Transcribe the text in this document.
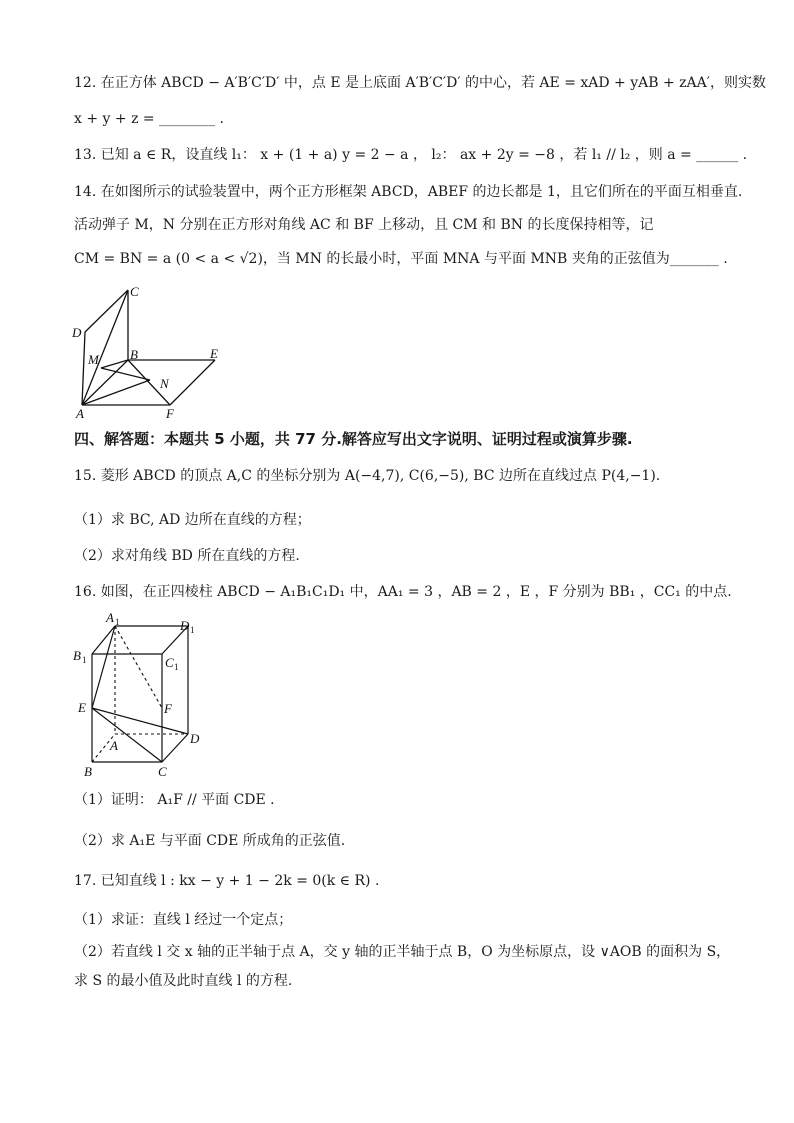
12. 在正方体 ABCD − A′B′C′D′ 中，点 E 是上底面 A′B′C′D′ 的中心，若 AE = xAD + yAB + zAA′，则实数
x + y + z = ________ .
13. 已知 a ∈ R，设直线 l₁： x + (1 + a) y = 2 − a ， l₂： ax + 2y = −8 ，若 l₁ // l₂ ，则 a = ______ .
14. 在如图所示的试验装置中，两个正方形框架 ABCD，ABEF 的边长都是 1，且它们所在的平面互相垂直.
活动弹子 M，N 分别在正方形对角线 AC 和 BF 上移动，且 CM 和 BN 的长度保持相等，记
CM = BN = a (0 < a < √2)，当 MN 的长最小时，平面 MNA 与平面 MNB 夹角的正弦值为_______ .
C
D
M B	E
N
A	F
四、解答题：本题共 5 小题，共 77 分.解答应写出文字说明、证明过程或演算步骤.
15. 菱形 ABCD 的顶点 A,C 的坐标分别为 A(−4,7), C(6,−5), BC 边所在直线过点 P(4,−1).
（1）求 BC, AD 边所在直线的方程；
（2）求对角线 BD 所在直线的方程.
16. 如图，在正四棱柱 ABCD − A₁B₁C₁D₁ 中，AA₁ = 3 ，AB = 2 ，E ，F 分别为 BB₁ ，CC₁ 的中点.
A 1	D 1
B 1	C 1
E	F
A	D
B	C
（1）证明： A₁F // 平面 CDE .
（2）求 A₁E 与平面 CDE 所成角的正弦值.
17. 已知直线 l : kx − y + 1 − 2k = 0(k ∈ R) .
（1）求证：直线 l 经过一个定点；
（2）若直线 l 交 x 轴的正半轴于点 A，交 y 轴的正半轴于点 B，O 为坐标原点，设 ∨AOB 的面积为 S，
求 S 的最小值及此时直线 l 的方程.
